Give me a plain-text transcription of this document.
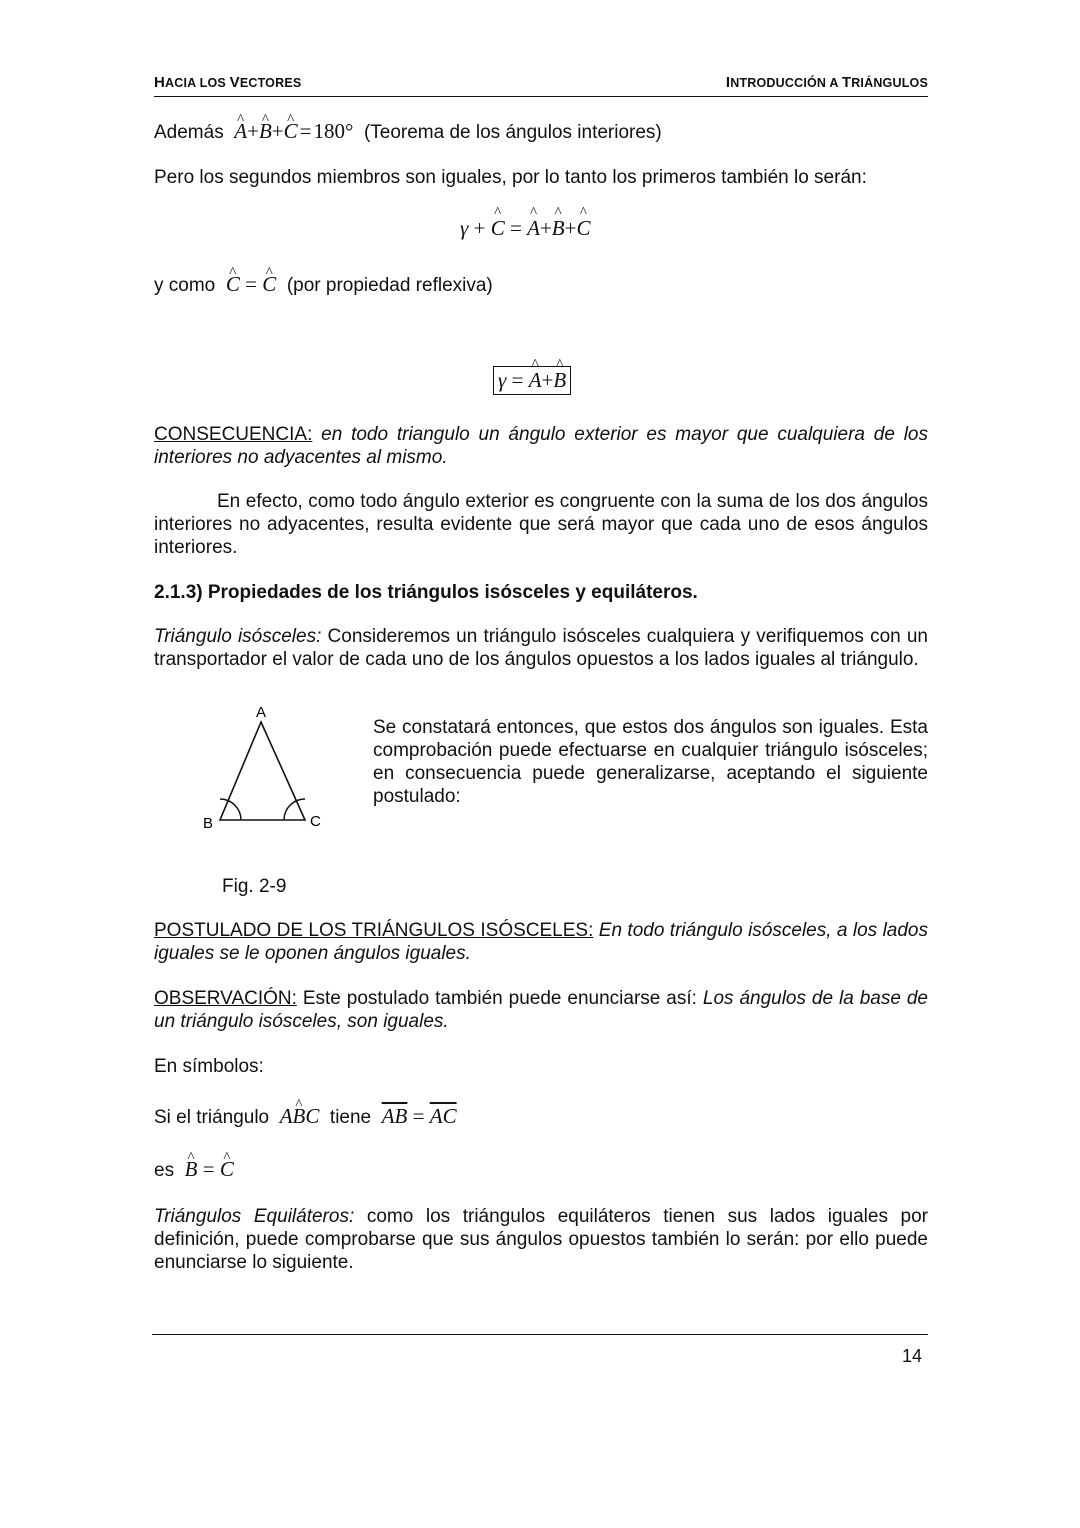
HACIA LOS VECTORES	INTRODUCCIÓN A TRIÁNGULOS
Además ^ A+^ B+^ C=180° (Teorema de los ángulos interiores)
Pero los segundos miembros son iguales, por lo tanto los primeros también lo serán:
γ + ^ C = ^ A+^ B+^ C
y como ^ C = ^ C (por propiedad reflexiva)
γ = ^ A+^ B
CONSECUENCIA: en todo triangulo un ángulo exterior es mayor que cualquiera de los interiores no adyacentes al mismo.
En efecto, como todo ángulo exterior es congruente con la suma de los dos ángulos interiores no adyacentes, resulta evidente que será mayor que cada uno de esos ángulos interiores.
2.1.3) Propiedades de los triángulos isósceles y equiláteros.
Triángulo isósceles: Consideremos un triángulo isósceles cualquiera y verifiquemos con un transportador el valor de cada uno de los ángulos opuestos a los lados iguales al triángulo.
A
B	C
Fig. 2-9
Se constatará entonces, que estos dos ángulos son iguales. Esta comprobación puede efectuarse en cualquier triángulo isósceles; en consecuencia puede generalizarse, aceptando el siguiente postulado:
POSTULADO DE LOS TRIÁNGULOS ISÓSCELES: En todo triángulo isósceles, a los lados iguales se le oponen ángulos iguales.
OBSERVACIÓN: Este postulado también puede enunciarse así: Los ángulos de la base de un triángulo isósceles, son iguales.
En símbolos:
Si el triángulo A^ BC tiene $\overline{AB} = \overline{AC}$
es ^ B = ^ C
Triángulos Equiláteros: como los triángulos equiláteros tienen sus lados iguales por definición, puede comprobarse que sus ángulos opuestos también lo serán: por ello puede enunciarse lo siguiente.
14
